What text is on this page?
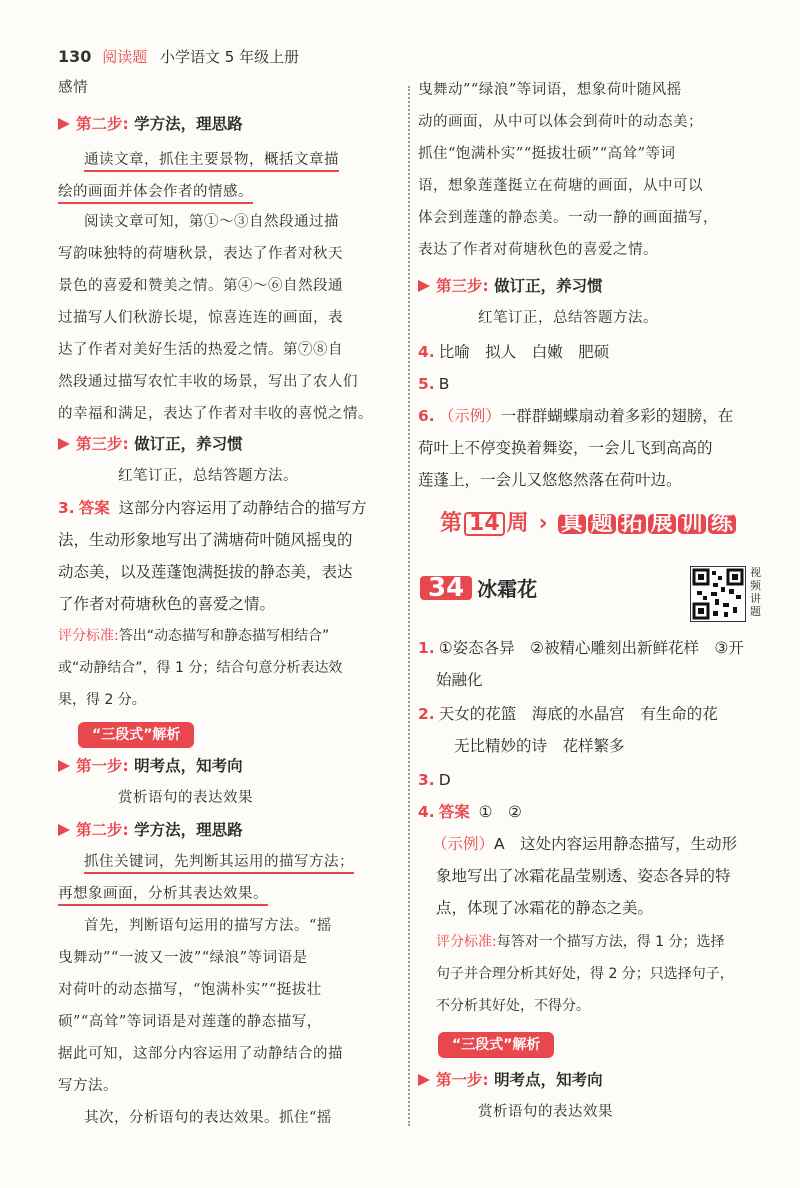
130 阅读题 小学语文 5 年级上册
感情
第二步: 学方法，理思路
通读文章，抓住主要景物，概括文章描
绘的画面并体会作者的情感。
阅读文章可知，第①～③自然段通过描
写韵味独特的荷塘秋景，表达了作者对秋天
景色的喜爱和赞美之情。第④～⑥自然段通
过描写人们秋游长堤，惊喜连连的画面，表
达了作者对美好生活的热爱之情。第⑦⑧自
然段通过描写农忙丰收的场景，写出了农人们
的幸福和满足，表达了作者对丰收的喜悦之情。
第三步: 做订正，养习惯
红笔订正，总结答题方法。
3. 答案 这部分内容运用了动静结合的描写方
法，生动形象地写出了满塘荷叶随风摇曳的
动态美，以及莲蓬饱满挺拔的静态美，表达
了作者对荷塘秋色的喜爱之情。
评分标准:答出“动态描写和静态描写相结合”
或“动静结合”，得 1 分；结合句意分析表达效
果，得 2 分。
“三段式”解析
第一步: 明考点，知考向
赏析语句的表达效果
第二步: 学方法，理思路
抓住关键词，先判断其运用的描写方法；
再想象画面，分析其表达效果。
首先，判断语句运用的描写方法。“摇
曳舞动”“一波又一波”“绿浪”等词语是
对荷叶的动态描写，“饱满朴实”“挺拔壮
硕”“高耸”等词语是对莲蓬的静态描写，
据此可知，这部分内容运用了动静结合的描
写方法。
其次，分析语句的表达效果。抓住“摇
曳舞动”“绿浪”等词语，想象荷叶随风摇
动的画面，从中可以体会到荷叶的动态美；
抓住“饱满朴实”“挺拔壮硕”“高耸”等词
语，想象莲蓬挺立在荷塘的画面，从中可以
体会到莲蓬的静态美。一动一静的画面描写，
表达了作者对荷塘秋色的喜爱之情。
第三步: 做订正，养习惯
红笔订正，总结答题方法。
4. 比喻　拟人　白嫩　肥硕
5. B
6. （示例）一群群蝴蝶扇动着多彩的翅膀，在
荷叶上不停变换着舞姿，一会儿飞到高高的
莲蓬上，一会儿又悠悠然落在荷叶边。
第 14 周 › 真 题 拓 展 训 练
34 冰霜花
1. ①姿态各异　②被精心雕刻出新鲜花样　③开
始融化
2. 天女的花篮　海底的水晶宫　有生命的花
无比精妙的诗　花样繁多
3. D
4. 答案 ①　②
（示例）A　这处内容运用静态描写，生动形
象地写出了冰霜花晶莹剔透、姿态各异的特
点，体现了冰霜花的静态之美。
评分标准:每答对一个描写方法，得 1 分；选择
句子并合理分析其好处，得 2 分；只选择句子，
不分析其好处，不得分。
“三段式”解析
第一步: 明考点，知考向
赏析语句的表达效果
视频讲题
